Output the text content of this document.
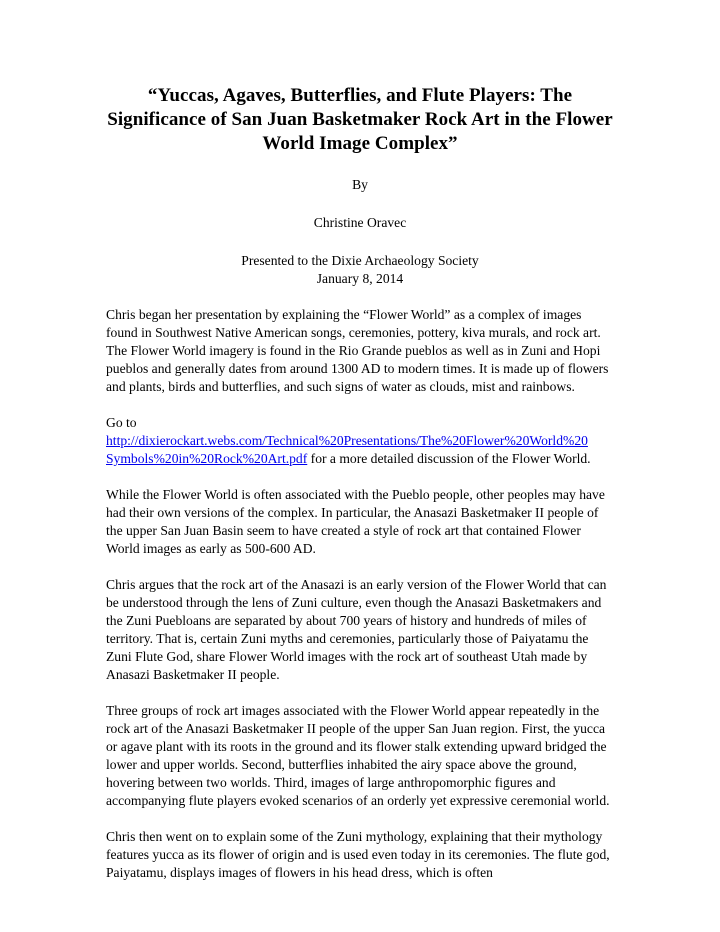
“Yuccas, Agaves, Butterflies, and Flute Players: The Significance of San Juan Basketmaker Rock Art in the Flower World Image Complex”

By

Christine Oravec

Presented to the Dixie Archaeology Society

January 8, 2014

Chris began her presentation by explaining the “Flower World” as a complex of images found in Southwest Native American songs, ceremonies, pottery, kiva murals, and rock art. The Flower World imagery is found in the Rio Grande pueblos as well as in Zuni and Hopi pueblos and generally dates from around 1300 AD to modern times. It is made up of flowers and plants, birds and butterflies, and such signs of water as clouds, mist and rainbows.

Go to
http://dixierockart.webs.com/Technical%20Presentations/The%20Flower%20World%20
Symbols%20in%20Rock%20Art.pdf for a more detailed discussion of the Flower World.

While the Flower World is often associated with the Pueblo people, other peoples may have had their own versions of the complex. In particular, the Anasazi Basketmaker II people of the upper San Juan Basin seem to have created a style of rock art that contained Flower World images as early as 500-600 AD.

Chris argues that the rock art of the Anasazi is an early version of the Flower World that can be understood through the lens of Zuni culture, even though the Anasazi Basketmakers and the Zuni Puebloans are separated by about 700 years of history and hundreds of miles of territory. That is, certain Zuni myths and ceremonies, particularly those of Paiyatamu the Zuni Flute God, share Flower World images with the rock art of southeast Utah made by Anasazi Basketmaker II people.

Three groups of rock art images associated with the Flower World appear repeatedly in the rock art of the Anasazi Basketmaker II people of the upper San Juan region. First, the yucca or agave plant with its roots in the ground and its flower stalk extending upward bridged the lower and upper worlds. Second, butterflies inhabited the airy space above the ground, hovering between two worlds. Third, images of large anthropomorphic figures and accompanying flute players evoked scenarios of an orderly yet expressive ceremonial world.

Chris then went on to explain some of the Zuni mythology, explaining that their mythology features yucca as its flower of origin and is used even today in its ceremonies. The flute god, Paiyatamu, displays images of flowers in his head dress, which is often
